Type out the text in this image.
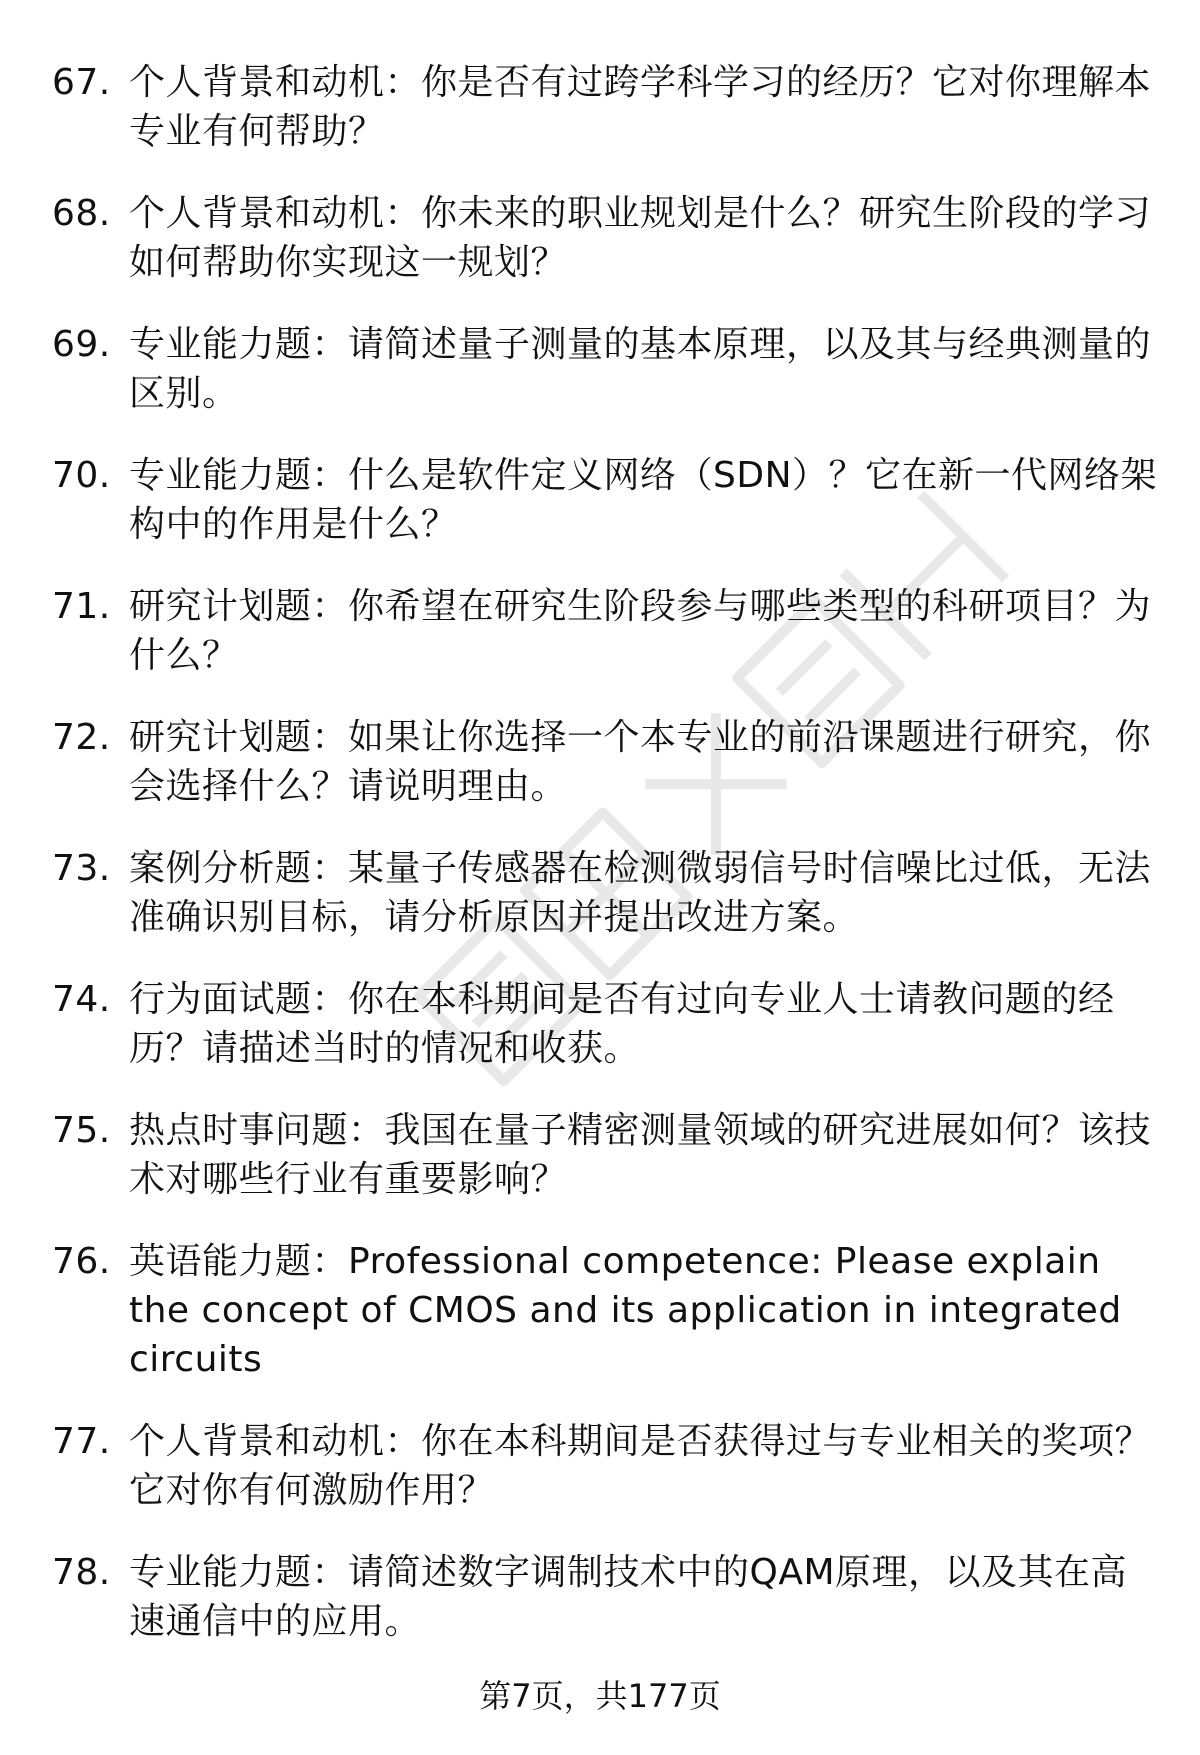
67. 个人背景和动机：你是否有过跨学科学习的经历？它对你理解本专业有何帮助？
68. 个人背景和动机：你未来的职业规划是什么？研究生阶段的学习如何帮助你实现这一规划？
69. 专业能力题：请简述量子测量的基本原理，以及其与经典测量的区别。
70. 专业能力题：什么是软件定义网络（SDN）？它在新一代网络架构中的作用是什么？
71. 研究计划题：你希望在研究生阶段参与哪些类型的科研项目？为什么？
72. 研究计划题：如果让你选择一个本专业的前沿课题进行研究，你会选择什么？请说明理由。
73. 案例分析题：某量子传感器在检测微弱信号时信噪比过低，无法准确识别目标，请分析原因并提出改进方案。
74. 行为面试题：你在本科期间是否有过向专业人士请教问题的经历？请描述当时的情况和收获。
75. 热点时事问题：我国在量子精密测量领域的研究进展如何？该技术对哪些行业有重要影响？
76. 英语能力题：Professional competence: Please explain the concept of CMOS and its application in integrated circuits
77. 个人背景和动机：你在本科期间是否获得过与专业相关的奖项？它对你有何激励作用？
78. 专业能力题：请简述数字调制技术中的QAM原理，以及其在高速通信中的应用。
第7页，共177页
